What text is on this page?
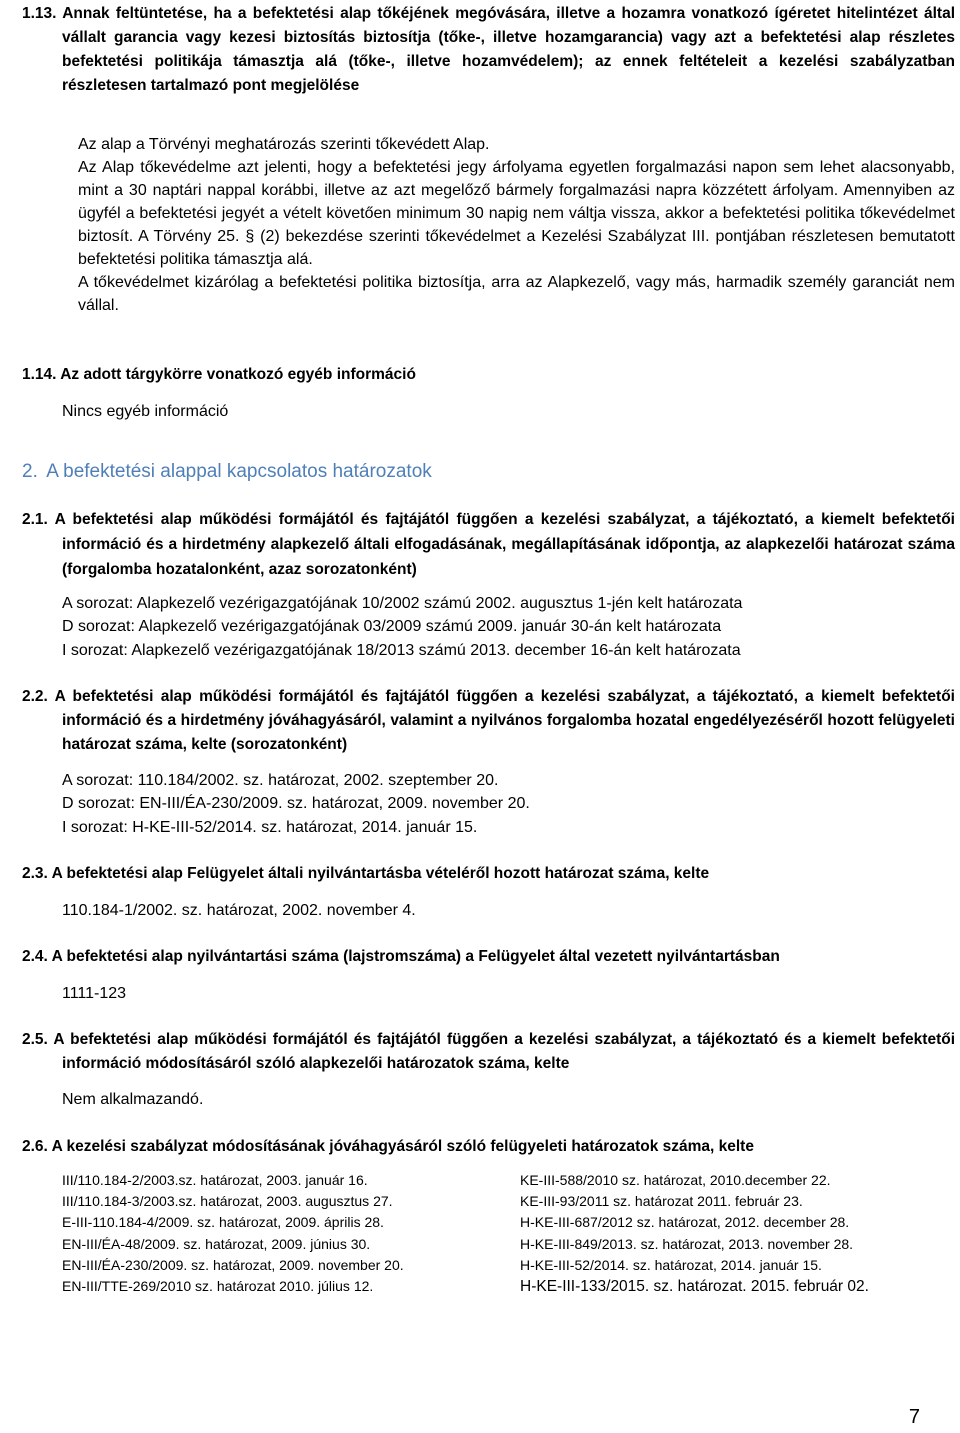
1.13. Annak feltüntetése, ha a befektetési alap tőkéjének megóvására, illetve a hozamra vonatkozó ígéretet hitelintézet által vállalt garancia vagy kezesi biztosítás biztosítja (tőke-, illetve hozamgarancia) vagy azt a befektetési alap részletes befektetési politikája támasztja alá (tőke-, illetve hozamvédelem); az ennek feltételeit a kezelési szabályzatban részletesen tartalmazó pont megjelölése

Az alap a Törvényi meghatározás szerinti tőkevédett Alap.

Az Alap tőkevédelme azt jelenti, hogy a befektetési jegy árfolyama egyetlen forgalmazási napon sem lehet alacsonyabb, mint a 30 naptári nappal korábbi, illetve az azt megelőző bármely forgalmazási napra közzétett árfolyam. Amennyiben az ügyfél a befektetési jegyét a vételt követően minimum 30 napig nem váltja vissza, akkor a befektetési politika tőkevédelmet biztosít. A Törvény 25. § (2) bekezdése szerinti tőkevédelmet a Kezelési Szabályzat III. pontjában részletesen bemutatott befektetési politika támasztja alá.

A tőkevédelmet kizárólag a befektetési politika biztosítja, arra az Alapkezelő, vagy más, harmadik személy garanciát nem vállal.

1.14. Az adott tárgykörre vonatkozó egyéb információ
Nincs egyéb információ
2. A befektetési alappal kapcsolatos határozatok
2.1. A befektetési alap működési formájától és fajtájától függően a kezelési szabályzat, a tájékoztató, a kiemelt befektetői információ és a hirdetmény alapkezelő általi elfogadásának, megállapításának időpontja, az alapkezelői határozat száma (forgalomba hozatalonként, azaz sorozatonként)
A sorozat: Alapkezelő vezérigazgatójának 10/2002 számú 2002. augusztus 1-jén kelt határozata
D sorozat: Alapkezelő vezérigazgatójának 03/2009 számú 2009. január 30-án kelt határozata
I sorozat: Alapkezelő vezérigazgatójának 18/2013 számú 2013. december 16-án kelt határozata
2.2. A befektetési alap működési formájától és fajtájától függően a kezelési szabályzat, a tájékoztató, a kiemelt befektetői információ és a hirdetmény jóváhagyásáról, valamint a nyilvános forgalomba hozatal engedélyezéséről hozott felügyeleti határozat száma, kelte (sorozatonként)
A sorozat: 110.184/2002. sz. határozat, 2002. szeptember 20.
D sorozat: EN-III/ÉA-230/2009. sz. határozat, 2009. november 20.
I sorozat: H-KE-III-52/2014. sz. határozat, 2014. január 15.
2.3. A befektetési alap Felügyelet általi nyilvántartásba vételéről hozott határozat száma, kelte
110.184-1/2002. sz. határozat, 2002. november 4.
2.4. A befektetési alap nyilvántartási száma (lajstromszáma) a Felügyelet által vezetett nyilvántartásban
1111-123
2.5. A befektetési alap működési formájától és fajtájától függően a kezelési szabályzat, a tájékoztató és a kiemelt befektetői információ módosításáról szóló alapkezelői határozatok száma, kelte
Nem alkalmazandó.
2.6. A kezelési szabályzat módosításának jóváhagyásáról szóló felügyeleti határozatok száma, kelte
III/110.184-2/2003.sz. határozat, 2003. január 16.
III/110.184-3/2003.sz. határozat, 2003. augusztus 27.
E-III-110.184-4/2009. sz. határozat, 2009. április 28.
EN-III/ÉA-48/2009. sz. határozat, 2009. június 30.
EN-III/ÉA-230/2009. sz. határozat, 2009. november 20.
EN-III/TTE-269/2010 sz. határozat 2010. július 12.
KE-III-588/2010 sz. határozat, 2010.december 22.
KE-III-93/2011 sz. határozat 2011. február 23.
H-KE-III-687/2012 sz. határozat, 2012. december 28.
H-KE-III-849/2013. sz. határozat, 2013. november 28.
H-KE-III-52/2014. sz. határozat, 2014. január 15.
H-KE-III-133/2015. sz. határozat. 2015. február 02.
7
